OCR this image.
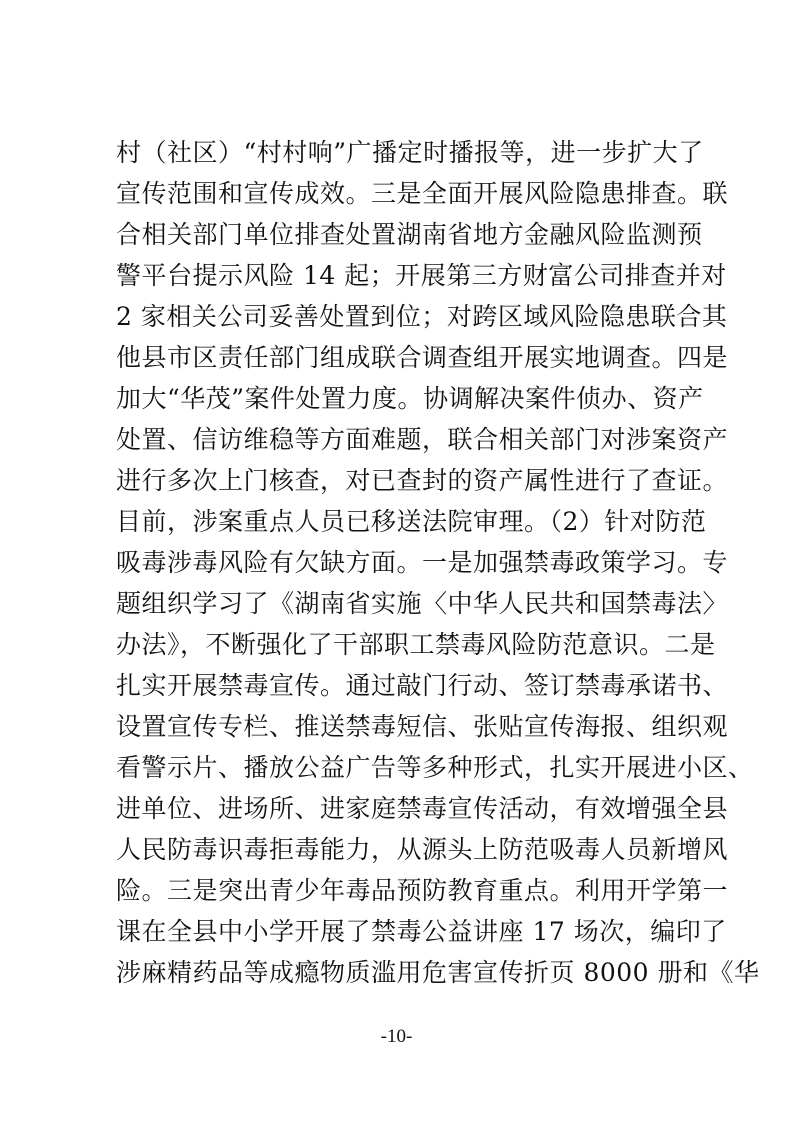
村（社区）“村村响”广播定时播报等，进一步扩大了
宣传范围和宣传成效。三是全面开展风险隐患排查。联
合相关部门单位排查处置湖南省地方金融风险监测预
警平台提示风险 14 起；开展第三方财富公司排查并对
2 家相关公司妥善处置到位；对跨区域风险隐患联合其
他县市区责任部门组成联合调查组开展实地调查。四是
加大“华茂”案件处置力度。协调解决案件侦办、资产
处置、信访维稳等方面难题，联合相关部门对涉案资产
进行多次上门核查，对已查封的资产属性进行了查证。
目前，涉案重点人员已移送法院审理。（2）针对防范
吸毒涉毒风险有欠缺方面。一是加强禁毒政策学习。专
题组织学习了《湖南省实施〈中华人民共和国禁毒法〉
办法》，不断强化了干部职工禁毒风险防范意识。二是
扎实开展禁毒宣传。通过敲门行动、签订禁毒承诺书、
设置宣传专栏、推送禁毒短信、张贴宣传海报、组织观
看警示片、播放公益广告等多种形式，扎实开展进小区、
进单位、进场所、进家庭禁毒宣传活动，有效增强全县
人民防毒识毒拒毒能力，从源头上防范吸毒人员新增风
险。三是突出青少年毒品预防教育重点。利用开学第一
课在全县中小学开展了禁毒公益讲座 17 场次，编印了
涉麻精药品等成瘾物质滥用危害宣传折页 8000 册和《华
-10-
